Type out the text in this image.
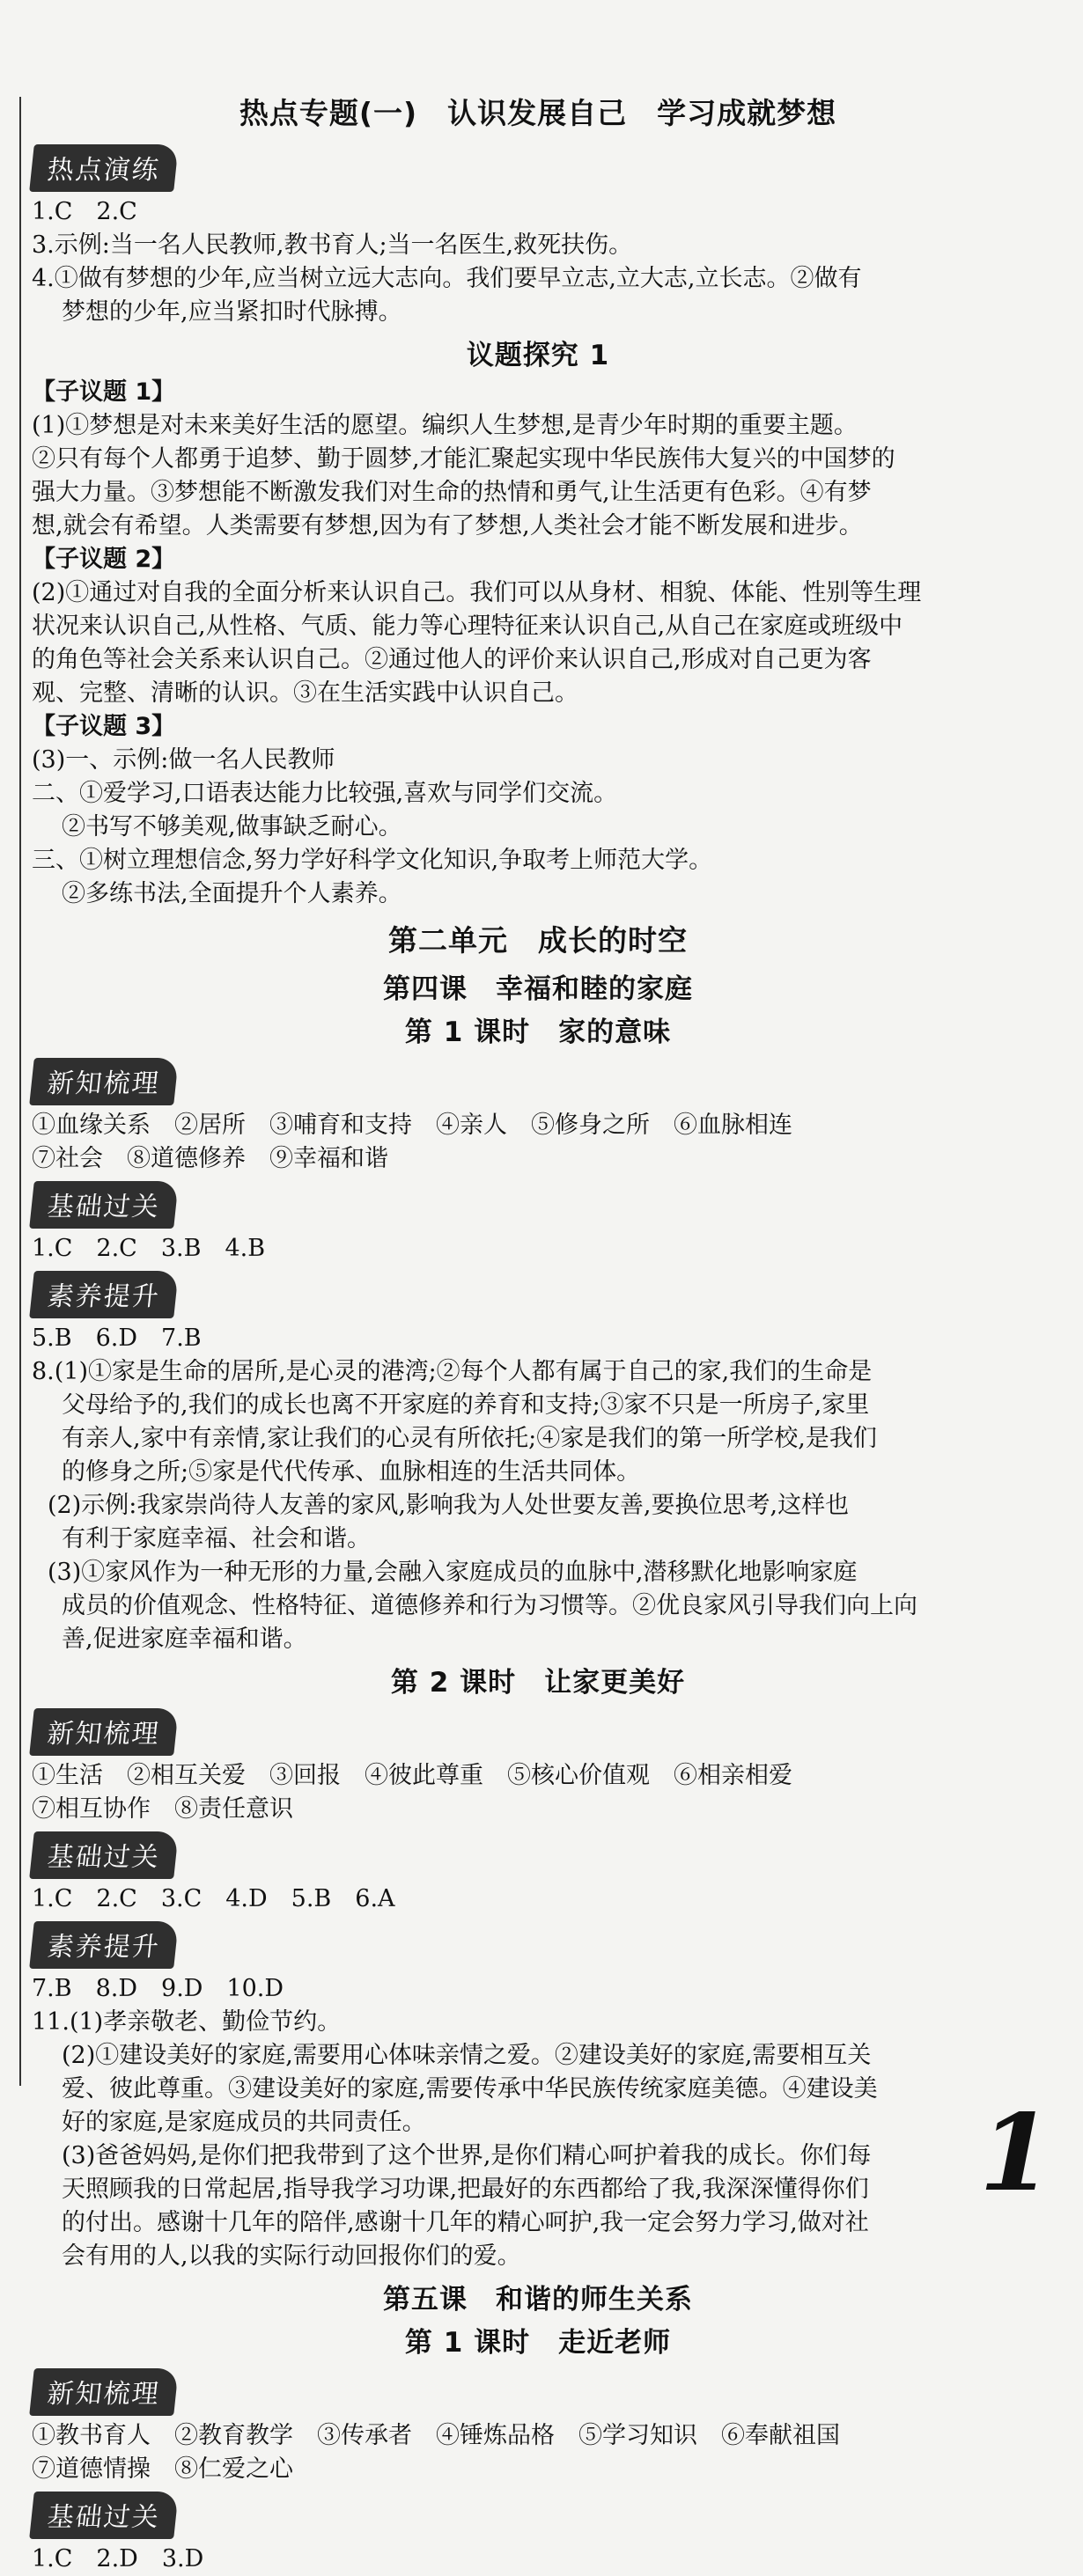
热点专题(一)　认识发展自己　学习成就梦想
热点演练
1.C　2.C
3.示例:当一名人民教师,教书育人;当一名医生,救死扶伤。
4.①做有梦想的少年,应当树立远大志向。我们要早立志,立大志,立长志。②做有
梦想的少年,应当紧扣时代脉搏。
议题探究 1
【子议题 1】
(1)①梦想是对未来美好生活的愿望。编织人生梦想,是青少年时期的重要主题。
②只有每个人都勇于追梦、勤于圆梦,才能汇聚起实现中华民族伟大复兴的中国梦的
强大力量。③梦想能不断激发我们对生命的热情和勇气,让生活更有色彩。④有梦
想,就会有希望。人类需要有梦想,因为有了梦想,人类社会才能不断发展和进步。
【子议题 2】
(2)①通过对自我的全面分析来认识自己。我们可以从身材、相貌、体能、性别等生理
状况来认识自己,从性格、气质、能力等心理特征来认识自己,从自己在家庭或班级中
的角色等社会关系来认识自己。②通过他人的评价来认识自己,形成对自己更为客
观、完整、清晰的认识。③在生活实践中认识自己。
【子议题 3】
(3)一、示例:做一名人民教师
二、①爱学习,口语表达能力比较强,喜欢与同学们交流。
②书写不够美观,做事缺乏耐心。
三、①树立理想信念,努力学好科学文化知识,争取考上师范大学。
②多练书法,全面提升个人素养。
第二单元　成长的时空
第四课　幸福和睦的家庭
第 1 课时　家的意味
新知梳理
①血缘关系　②居所　③哺育和支持　④亲人　⑤修身之所　⑥血脉相连
⑦社会　⑧道德修养　⑨幸福和谐
基础过关
1.C　2.C　3.B　4.B
素养提升
5.B　6.D　7.B
8.(1)①家是生命的居所,是心灵的港湾;②每个人都有属于自己的家,我们的生命是
父母给予的,我们的成长也离不开家庭的养育和支持;③家不只是一所房子,家里
有亲人,家中有亲情,家让我们的心灵有所依托;④家是我们的第一所学校,是我们
的修身之所;⑤家是代代传承、血脉相连的生活共同体。
(2)示例:我家崇尚待人友善的家风,影响我为人处世要友善,要换位思考,这样也
有利于家庭幸福、社会和谐。
(3)①家风作为一种无形的力量,会融入家庭成员的血脉中,潜移默化地影响家庭
成员的价值观念、性格特征、道德修养和行为习惯等。②优良家风引导我们向上向
善,促进家庭幸福和谐。
第 2 课时　让家更美好
新知梳理
①生活　②相互关爱　③回报　④彼此尊重　⑤核心价值观　⑥相亲相爱
⑦相互协作　⑧责任意识
基础过关
1.C　2.C　3.C　4.D　5.B　6.A
素养提升
7.B　8.D　9.D　10.D
11.(1)孝亲敬老、勤俭节约。
(2)①建设美好的家庭,需要用心体味亲情之爱。②建设美好的家庭,需要相互关
爱、彼此尊重。③建设美好的家庭,需要传承中华民族传统家庭美德。④建设美
好的家庭,是家庭成员的共同责任。
(3)爸爸妈妈,是你们把我带到了这个世界,是你们精心呵护着我的成长。你们每
天照顾我的日常起居,指导我学习功课,把最好的东西都给了我,我深深懂得你们
的付出。感谢十几年的陪伴,感谢十几年的精心呵护,我一定会努力学习,做对社
会有用的人,以我的实际行动回报你们的爱。
第五课　和谐的师生关系
第 1 课时　走近老师
新知梳理
①教书育人　②教育教学　③传承者　④锤炼品格　⑤学习知识　⑥奉献祖国
⑦道德情操　⑧仁爱之心
基础过关
1.C　2.D　3.D
1
